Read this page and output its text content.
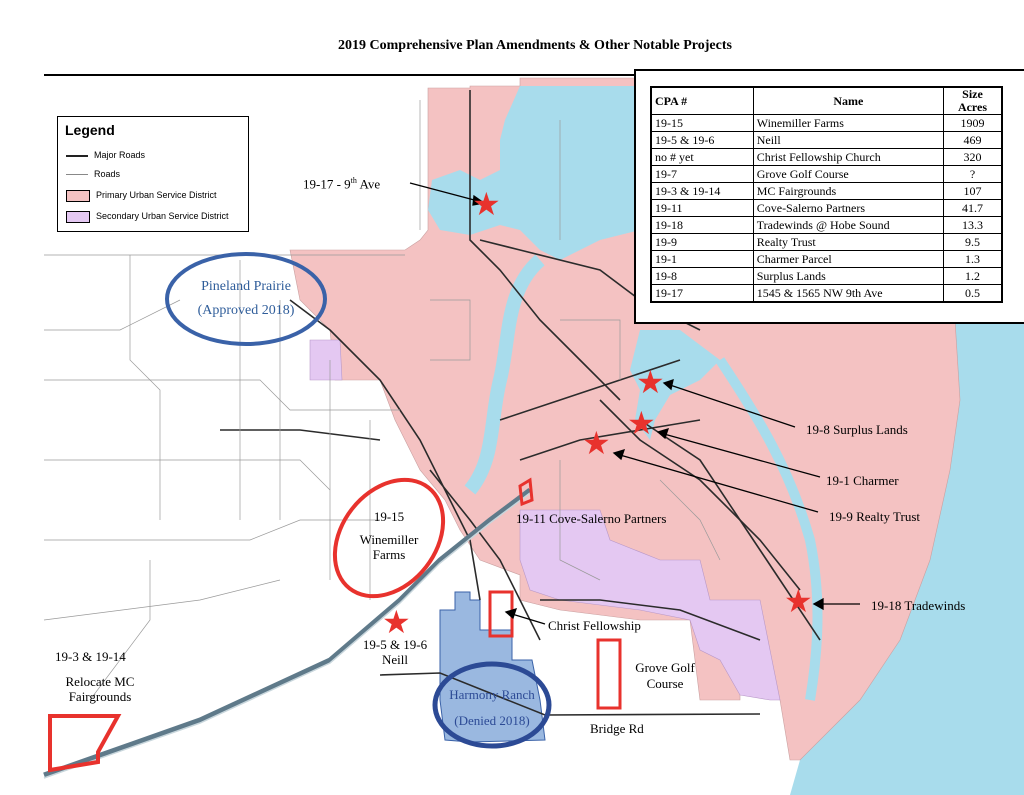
2019 Comprehensive Plan Amendments & Other Notable Projects
Legend
Major Roads
Roads
Primary Urban Service District
Secondary Urban Service District
CPA #	Name	Size
Acres
19-15	Winemiller Farms	1909
19-5 & 19-6	Neill	469
no # yet	Christ Fellowship Church	320
19-7	Grove Golf Course	?
19-3 & 19-14	MC Fairgrounds	107
19-11	Cove-Salerno Partners	41.7
19-18	Tradewinds @ Hobe Sound	13.3
19-9	Realty Trust	9.5
19-1	Charmer Parcel	1.3
19-8	Surplus Lands	1.2
19-17	1545 & 1565 NW 9th Ave	0.5
19-17 - 9th Ave
Pineland Prairie
(Approved 2018)
19-8 Surplus Lands
19-1 Charmer
19-9 Realty Trust
19-11 Cove-Salerno Partners
19-15
Winemiller
Farms
19-18 Tradewinds
Christ Fellowship
19-5 & 19-6
Neill
19-3 & 19-14
Relocate MC
Fairgrounds
Grove Golf
Course
Harmony Ranch
(Denied 2018)
Bridge Rd
★
★
★
★
★
★
